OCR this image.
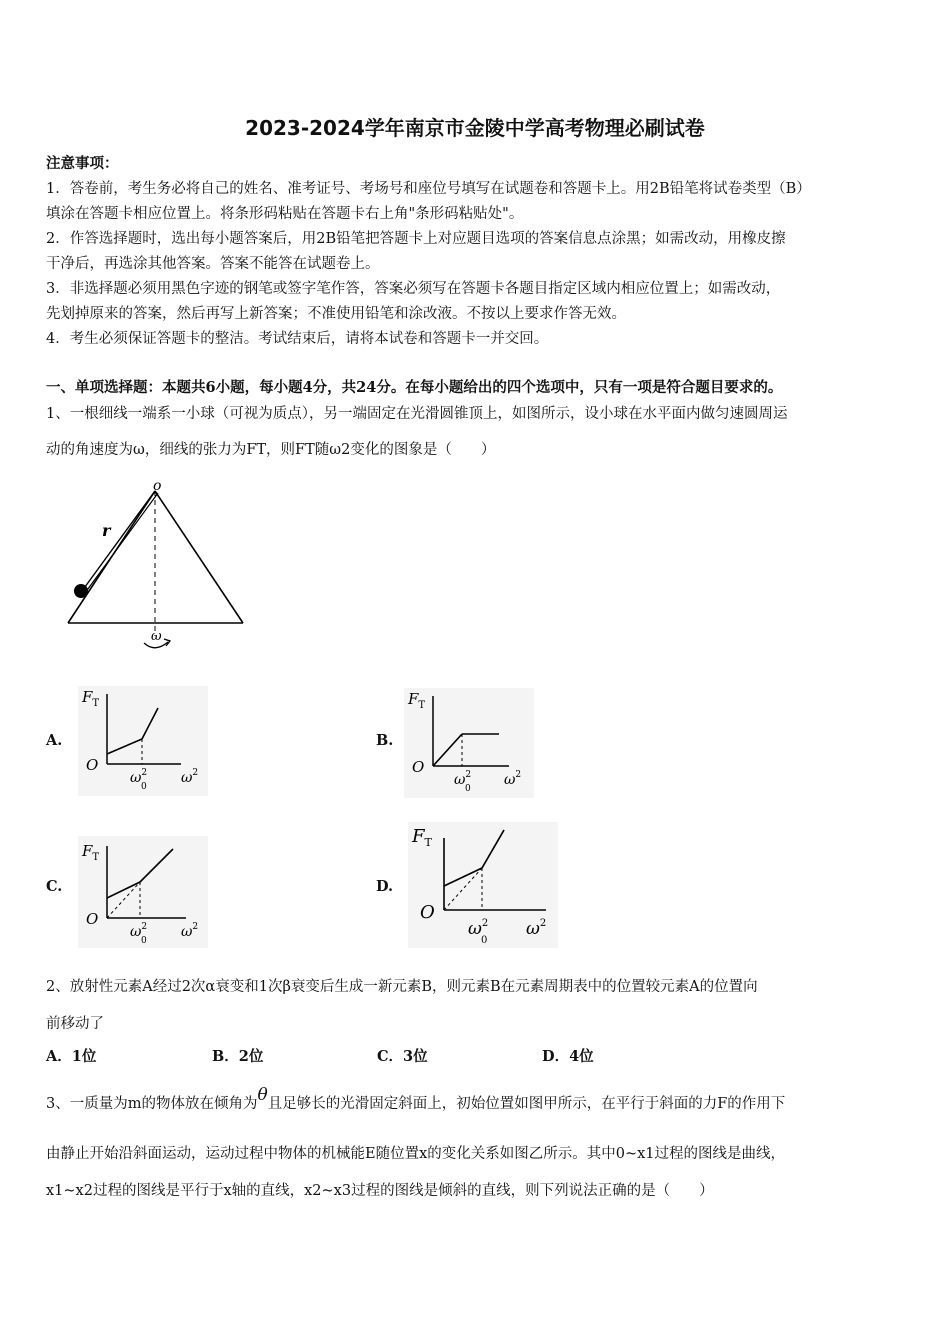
2023-2024学年南京市金陵中学高考物理必刷试卷
注意事项：
1．答卷前，考生务必将自己的姓名、准考证号、考场号和座位号填写在试题卷和答题卡上。用2B铅笔将试卷类型（B）
填涂在答题卡相应位置上。将条形码粘贴在答题卡右上角"条形码粘贴处"。
2．作答选择题时，选出每小题答案后，用2B铅笔把答题卡上对应题目选项的答案信息点涂黑；如需改动，用橡皮擦
干净后，再选涂其他答案。答案不能答在试题卷上。
3．非选择题必须用黑色字迹的钢笔或签字笔作答，答案必须写在答题卡各题目指定区域内相应位置上；如需改动，
先划掉原来的答案，然后再写上新答案；不准使用铅笔和涂改液。不按以上要求作答无效。
4．考生必须保证答题卡的整洁。考试结束后，请将本试卷和答题卡一并交回。
一、单项选择题：本题共6小题，每小题4分，共24分。在每小题给出的四个选项中，只有一项是符合题目要求的。
1、一根细线一端系一小球（可视为质点），另一端固定在光滑圆锥顶上，如图所示，设小球在水平面内做匀速圆周运
动的角速度为ω，细线的张力为FT，则FT随ω2变化的图象是（　　）
o
r
ω
A.	B.
C.	D.
$F_T$
O
$\omega^2$
0
$\omega^2$
$F_T$
O
$\omega^2$
0
$\omega^2$
$F_T$
O
$\omega^2$
0
$\omega^2$
$F_T$
O
$\omega^2$
0
$\omega^2$
2、放射性元素A经过2次α衰变和1次β衰变后生成一新元素B，则元素B在元素周期表中的位置较元素A的位置向
前移动了
A．1位	B．2位	C．3位	D．4位
3、一质量为m的物体放在倾角为θ且足够长的光滑固定斜面上，初始位置如图甲所示，在平行于斜面的力F的作用下
由静止开始沿斜面运动，运动过程中物体的机械能E随位置x的变化关系如图乙所示。其中0~x1过程的图线是曲线，
x1~x2过程的图线是平行于x轴的直线，x2~x3过程的图线是倾斜的直线，则下列说法正确的是（　　）
